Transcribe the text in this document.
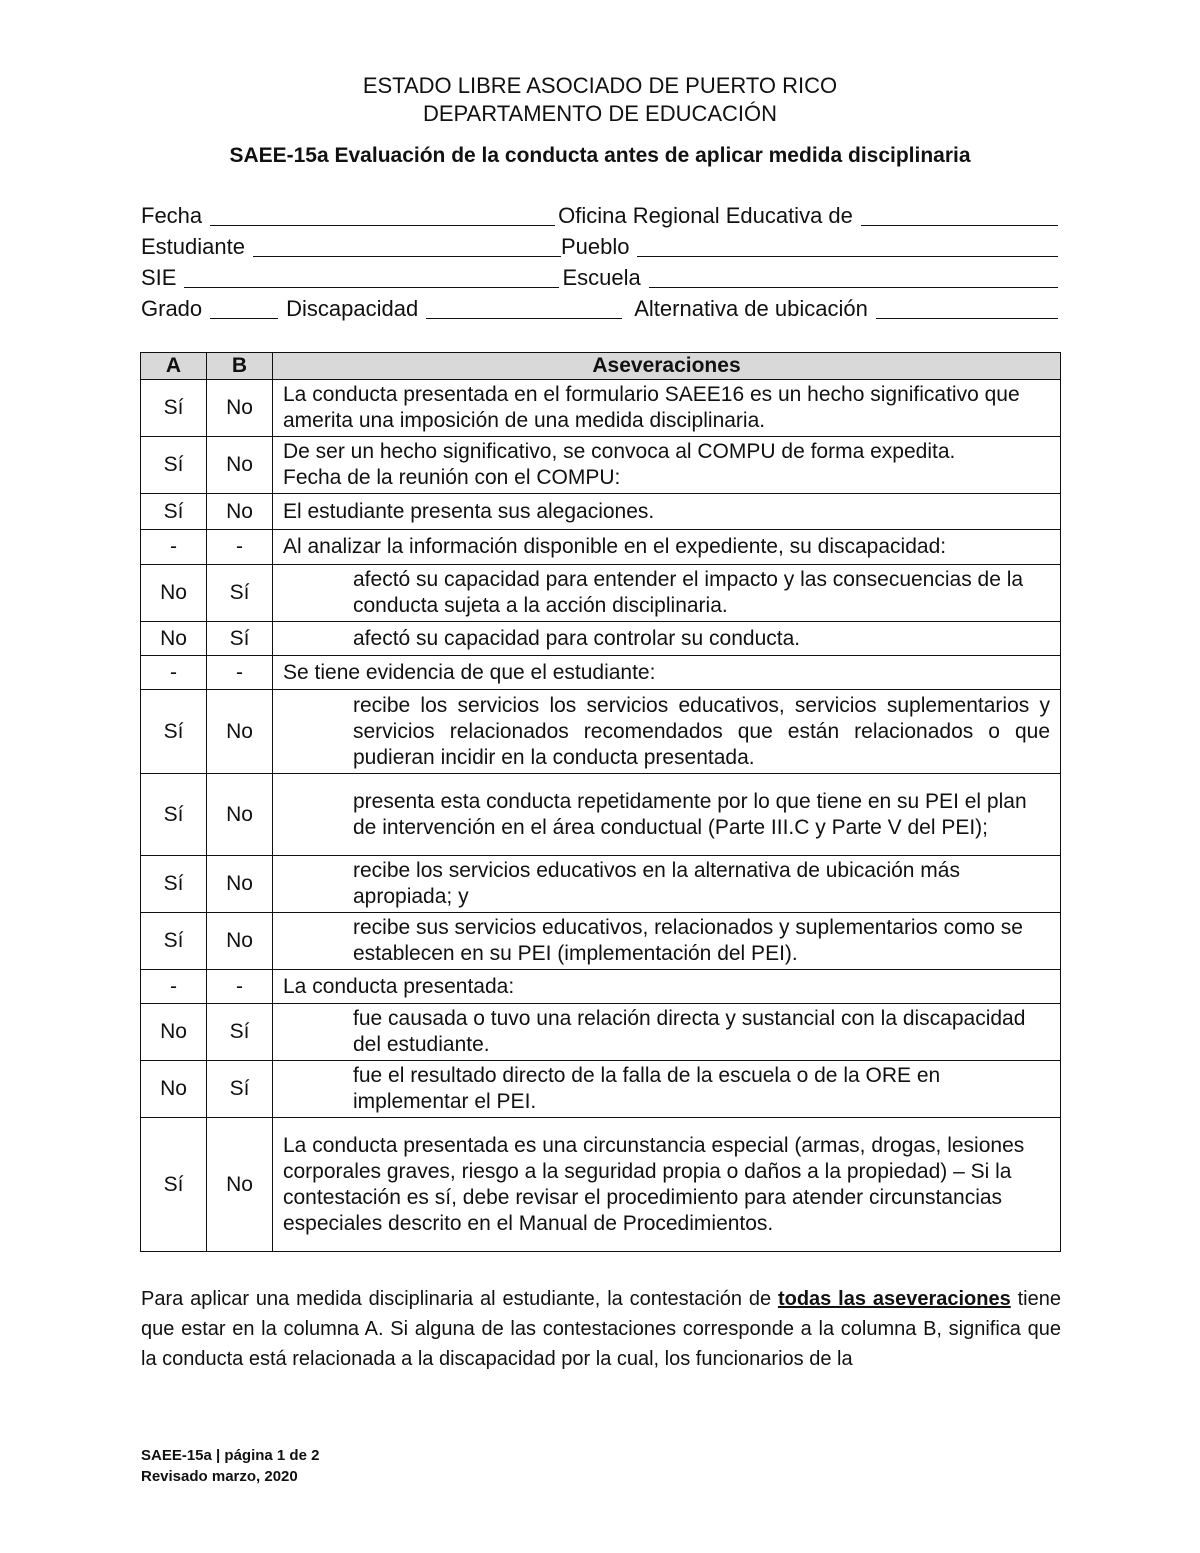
ESTADO LIBRE ASOCIADO DE PUERTO RICO
DEPARTAMENTO DE EDUCACIÓN
SAEE-15a Evaluación de la conducta antes de aplicar medida disciplinaria
Fecha	Oficina Regional Educativa de
Estudiante	Pueblo
SIE	Escuela
Grado	Discapacidad	Alternativa de ubicación
A	B	Aseveraciones
Sí	No	La conducta presentada en el formulario SAEE16 es un hecho significativo que amerita una imposición de una medida disciplinaria.
Sí	No	De ser un hecho significativo, se convoca al COMPU de forma expedita.
Fecha de la reunión con el COMPU:

Sí	No	El estudiante presenta sus alegaciones.
-	-	Al analizar la información disponible en el expediente, su discapacidad:
No	Sí	afectó su capacidad para entender el impacto y las consecuencias de la conducta sujeta a la acción disciplinaria.
No	Sí	afectó su capacidad para controlar su conducta.
-	-	Se tiene evidencia de que el estudiante:
Sí	No	recibe los servicios los servicios educativos, servicios suplementarios y servicios relacionados recomendados que están relacionados o que pudieran incidir en la conducta presentada.
Sí	No	presenta esta conducta repetidamente por lo que tiene en su PEI el plan de intervención en el área conductual (Parte III.C y Parte V del PEI);
Sí	No	recibe los servicios educativos en la alternativa de ubicación más apropiada; y
Sí	No	recibe sus servicios educativos, relacionados y suplementarios como se establecen en su PEI (implementación del PEI).
-	-	La conducta presentada:
No	Sí	fue causada o tuvo una relación directa y sustancial con la discapacidad del estudiante.
No	Sí	fue el resultado directo de la falla de la escuela o de la ORE en implementar el PEI.
Sí	No	La conducta presentada es una circunstancia especial (armas, drogas, lesiones corporales graves, riesgo a la seguridad propia o daños a la propiedad) – Si la contestación es sí, debe revisar el procedimiento para atender circunstancias especiales descrito en el Manual de Procedimientos.
Para aplicar una medida disciplinaria al estudiante, la contestación de todas las aseveraciones tiene que estar en la columna A. Si alguna de las contestaciones corresponde a la columna B, significa que la conducta está relacionada a la discapacidad por la cual, los funcionarios de la
SAEE-15a | página 1 de 2
Revisado marzo, 2020
